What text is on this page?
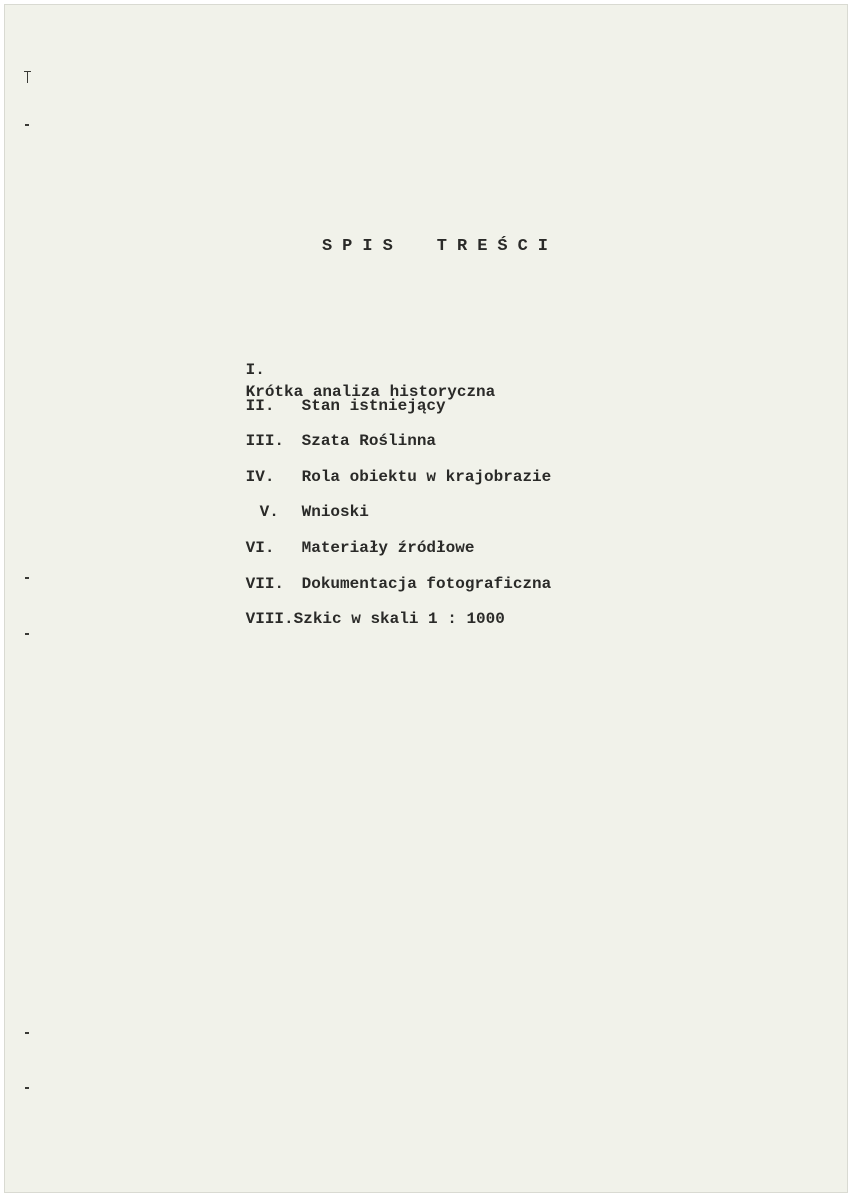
SPIS TREŚCI

I.
Krótka analiza historyczna

II. Stan istniejący

III. Szata Roślinna

IV. Rola obiektu w krajobrazie

V. Wnioski

VI. Materiały źródłowe

VII. Dokumentacja fotograficzna

VIII.Szkic w skali 1 : 1000
